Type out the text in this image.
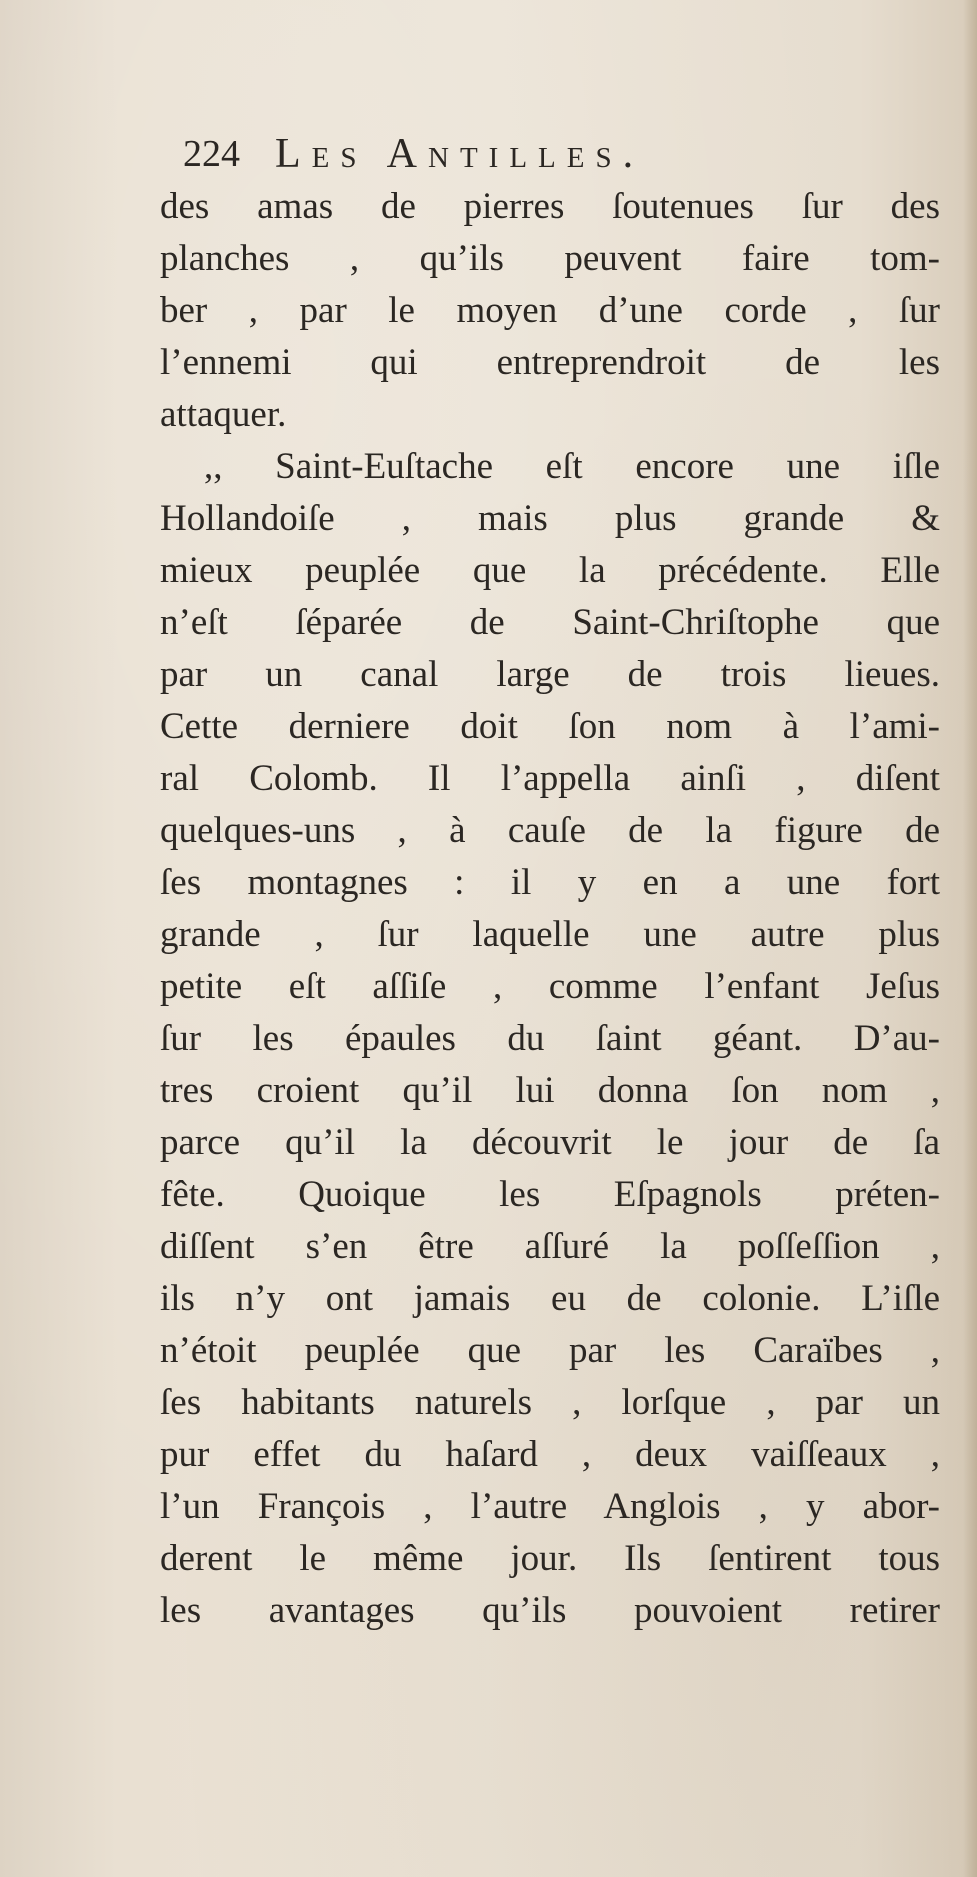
224 Les Antilles.
des amas de pierres ſoutenues ſur des
planches , qu’ils peuvent faire tom-
ber , par le moyen d’une corde , ſur
l’ennemi qui entreprendroit de les
attaquer.
,, Saint-Euſtache eſt encore une iſle
Hollandoiſe , mais plus grande &
mieux peuplée que la précédente. Elle
n’eſt ſéparée de Saint-Chriſtophe que
par un canal large de trois lieues.
Cette derniere doit ſon nom à l’ami-
ral Colomb. Il l’appella ainſi , diſent
quelques-uns , à cauſe de la figure de
ſes montagnes : il y en a une fort
grande , ſur laquelle une autre plus
petite eſt aſſiſe , comme l’enfant Jeſus
ſur les épaules du ſaint géant. D’au-
tres croient qu’il lui donna ſon nom ,
parce qu’il la découvrit le jour de ſa
fête. Quoique les Eſpagnols préten-
diſſent s’en être aſſuré la poſſeſſion ,
ils n’y ont jamais eu de colonie. L’iſle
n’étoit peuplée que par les Caraïbes ,
ſes habitants naturels , lorſque , par un
pur effet du haſard , deux vaiſſeaux ,
l’un François , l’autre Anglois , y abor-
derent le même jour. Ils ſentirent tous
les avantages qu’ils pouvoient retirer
